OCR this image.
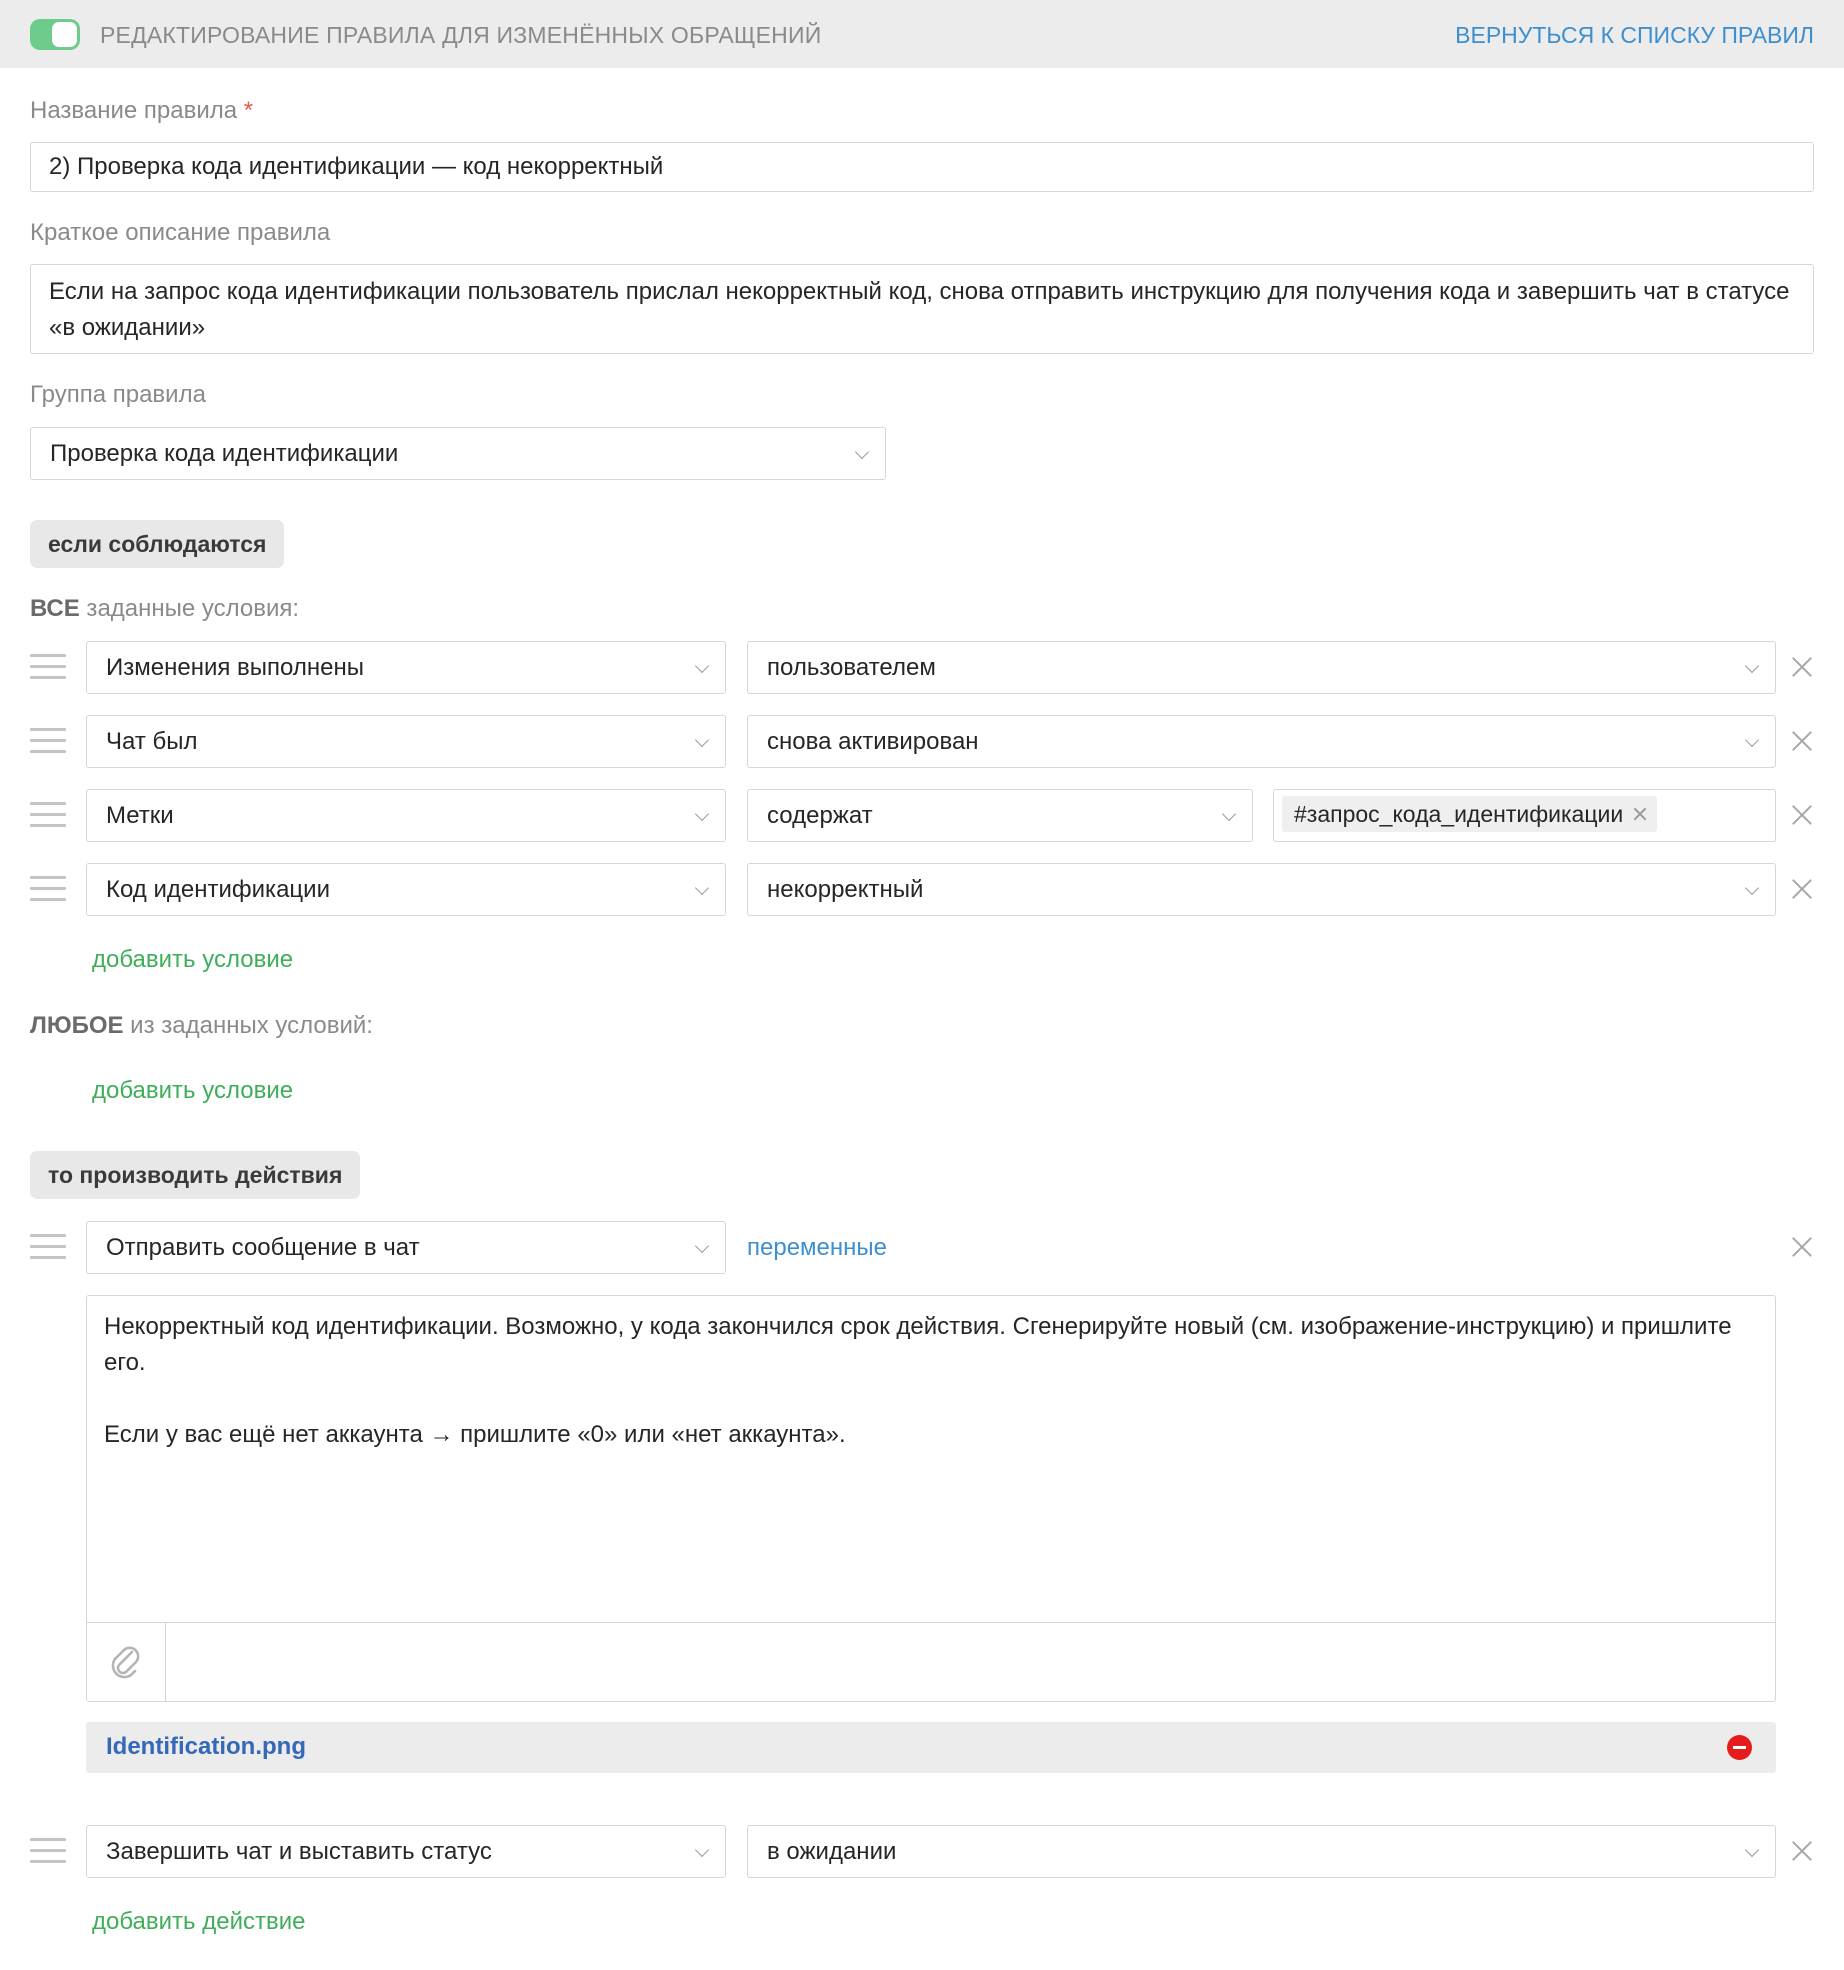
РЕДАКТИРОВАНИЕ ПРАВИЛА ДЛЯ ИЗМЕНЁННЫХ ОБРАЩЕНИЙ	ВЕРНУТЬСЯ К СПИСКУ ПРАВИЛ
Название правила *
2) Проверка кода идентификации — код некорректный
Краткое описание правила
Если на запрос кода идентификации пользователь прислал некорректный код, снова отправить инструкцию для получения кода и завершить чат в статусе «в ожидании»
Группа правила
Проверка кода идентификации
если соблюдаются
ВСЕ заданные условия:
Изменения выполнены	пользователем
Чат был	снова активирован
Метки	содержат	#запрос_кода_идентификации
Код идентификации	некорректный
добавить условие
ЛЮБОЕ из заданных условий:
добавить условие
то производить действия
Отправить сообщение в чат	переменные

Некорректный код идентификации. Возможно, у кода закончился срок действия. Сгенерируйте новый (см. изображение-инструкцию) и пришлите его.

Если у вас ещё нет аккаунта → пришлите «0» или «нет аккаунта».

Identification.png
Завершить чат и выставить статус	в ожидании
добавить действие
